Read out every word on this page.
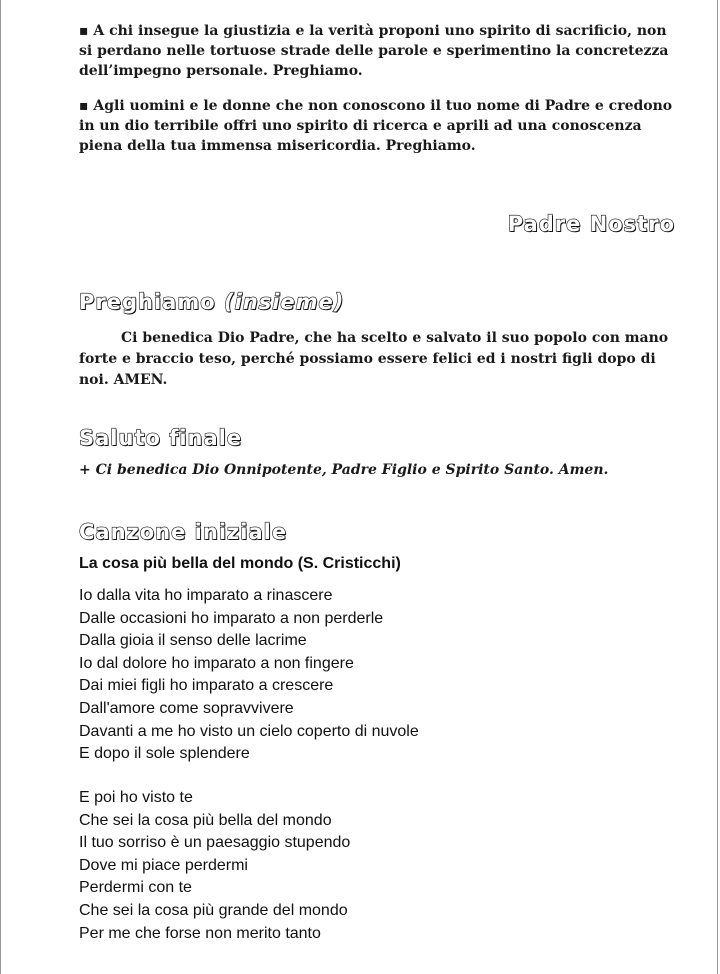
▪ A chi insegue la giustizia e la verità proponi uno spirito di sacrificio, non si perdano nelle tortuose strade delle parole e sperimentino la concretezza dell’impegno personale. Preghiamo.

▪ Agli uomini e le donne che non conoscono il tuo nome di Padre e credono in un dio terribile offri uno spirito di ricerca e aprili ad una conoscenza piena della tua immensa misericordia. Preghiamo.

Padre Nostro
Preghiamo (insieme)

Ci benedica Dio Padre, che ha scelto e salvato il suo popolo con mano forte e braccio teso, perché possiamo essere felici ed i nostri figli dopo di noi. AMEN.

Saluto finale

+ Ci benedica Dio Onnipotente, Padre Figlio e Spirito Santo. Amen.

Canzone iniziale

La cosa più bella del mondo (S. Cristicchi)

Io dalla vita ho imparato a rinascere
Dalle occasioni ho imparato a non perderle
Dalla gioia il senso delle lacrime
Io dal dolore ho imparato a non fingere
Dai miei figli ho imparato a crescere
Dall'amore come sopravvivere
Davanti a me ho visto un cielo coperto di nuvole
E dopo il sole splendere
E poi ho visto te
Che sei la cosa più bella del mondo
Il tuo sorriso è un paesaggio stupendo
Dove mi piace perdermi
Perdermi con te
Che sei la cosa più grande del mondo
Per me che forse non merito tanto
